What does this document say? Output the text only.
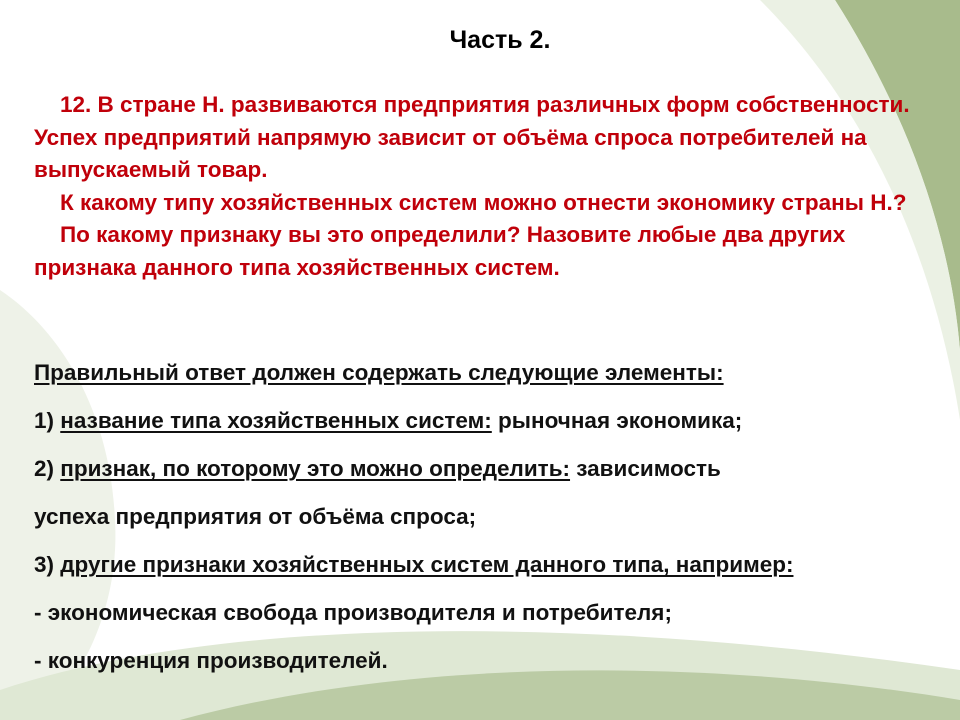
Часть 2.

12. В стране Н. развиваются предприятия различных форм собственности. Успех предприятий напрямую зависит от объёма спроса потребителей на выпускаемый товар.

К какому типу хозяйственных систем можно отнести экономику страны Н.?

По какому признаку вы это определили? Назовите любые два других признака данного типа хозяйственных систем.

Правильный ответ должен содержать следующие элементы:

1) название типа хозяйственных систем: рыночная экономика;

2) признак, по которому это можно определить: зависимость

успеха предприятия от объёма спроса;

3) другие признаки хозяйственных систем данного типа, например:

- экономическая свобода производителя и потребителя;

- конкуренция производителей.
